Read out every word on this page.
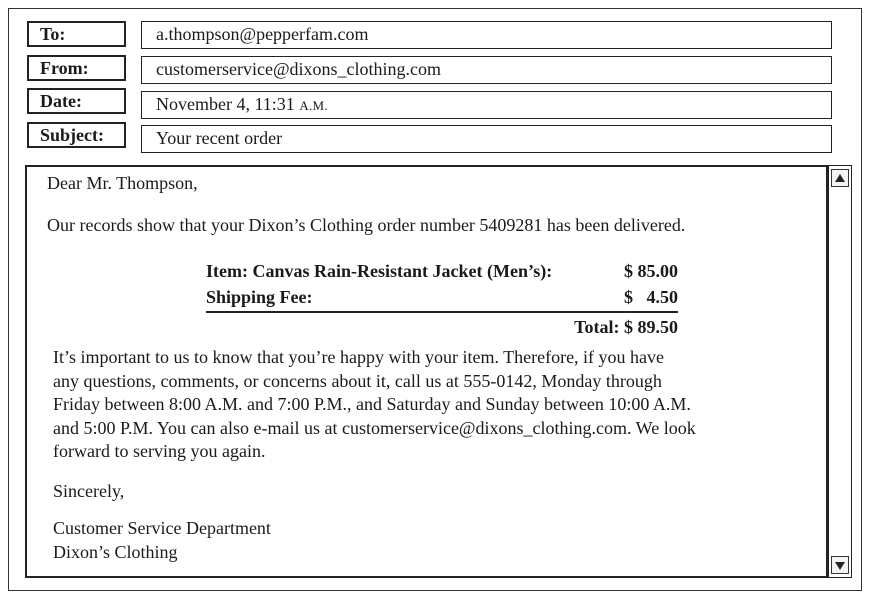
To:	a.thompson@pepperfam.com
From:	customerservice@dixons_clothing.com
Date:	November 4, 11:31 A.M.
Subject:	Your recent order

Dear Mr. Thompson,

Our records show that your Dixon’s Clothing order number 5409281 has been delivered.

Item: Canvas Rain-Resistant Jacket (Men’s):	$ 85.00
Shipping Fee:	$   4.50
Total: $ 89.50
It’s important to us to know that you’re happy with your item. Therefore, if you have
any questions, comments, or concerns about it, call us at 555-0142, Monday through
Friday between 8:00 A.M. and 7:00 P.M., and Saturday and Sunday between 10:00 A.M.
and 5:00 P.M. You can also e-mail us at customerservice@dixons_clothing.com. We look
forward to serving you again.
Sincerely,
Customer Service Department
Dixon’s Clothing
